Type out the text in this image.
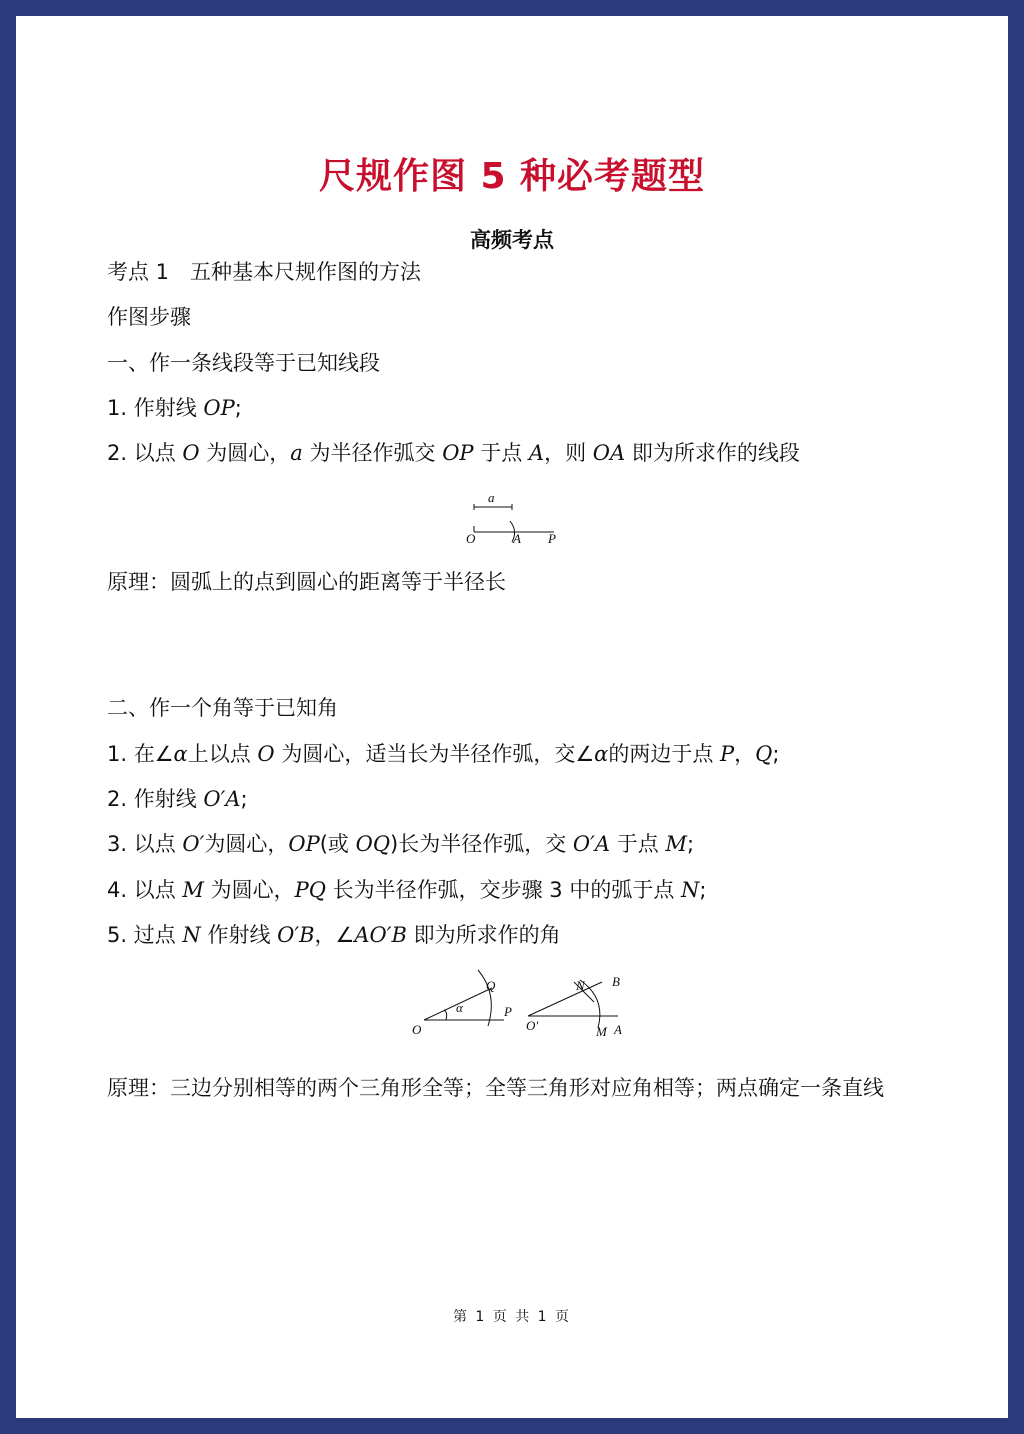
尺规作图 5 种必考题型
高频考点
考点 1　五种基本尺规作图的方法
作图步骤
一、作一条线段等于已知线段
1. 作射线 OP;
2. 以点 O 为圆心，a 为半径作弧交 OP 于点 A，则 OA 即为所求作的线段
a
O	A P
原理：圆弧上的点到圆心的距离等于半径长
二、作一个角等于已知角
1. 在∠α上以点 O 为圆心，适当长为半径作弧，交∠α的两边于点 P，Q;
2. 作射线 O′A;
3. 以点 O′为圆心，OP(或 OQ)长为半径作弧，交 O′A 于点 M;
4. 以点 M 为圆心，PQ 长为半径作弧，交步骤 3 中的弧于点 N;
5. 过点 N 作射线 O′B，∠AO′B 即为所求作的角
Q
α	P
O
N B
O′	M A
原理：三边分别相等的两个三角形全等；全等三角形对应角相等；两点确定一条直线
第 1 页 共 1 页
